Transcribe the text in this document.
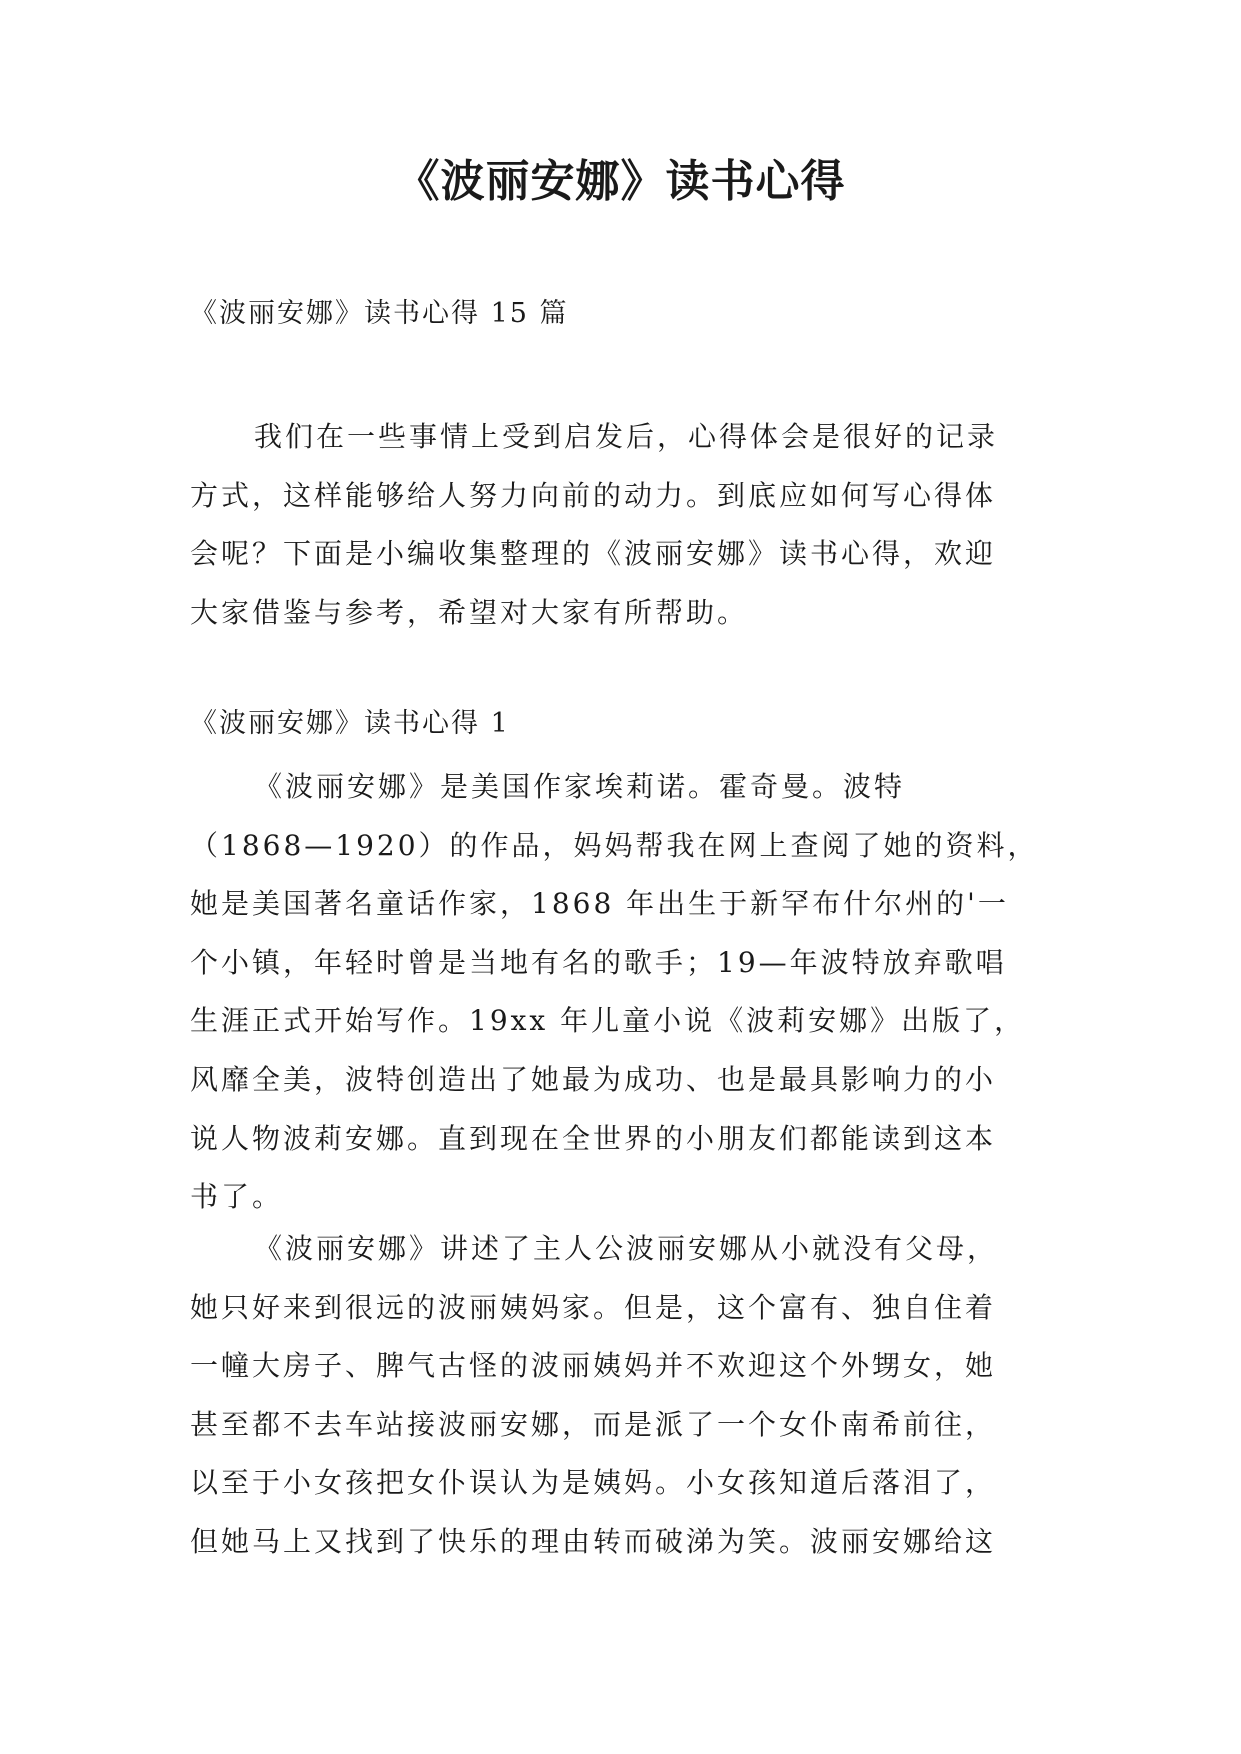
《波丽安娜》读书心得

《波丽安娜》读书心得 15 篇

我们在一些事情上受到启发后，心得体会是很好的记录
方式，这样能够给人努力向前的动力。到底应如何写心得体
会呢？下面是小编收集整理的《波丽安娜》读书心得，欢迎
大家借鉴与参考，希望对大家有所帮助。

《波丽安娜》读书心得 1

《波丽安娜》是美国作家埃莉诺。霍奇曼。波特
（1868—1920）的作品，妈妈帮我在网上查阅了她的资料，
她是美国著名童话作家，1868 年出生于新罕布什尔州的'一
个小镇，年轻时曾是当地有名的歌手；19—年波特放弃歌唱
生涯正式开始写作。19xx 年儿童小说《波莉安娜》出版了，
风靡全美，波特创造出了她最为成功、也是最具影响力的小
说人物波莉安娜。直到现在全世界的小朋友们都能读到这本
书了。
《波丽安娜》讲述了主人公波丽安娜从小就没有父母，
她只好来到很远的波丽姨妈家。但是，这个富有、独自住着
一幢大房子、脾气古怪的波丽姨妈并不欢迎这个外甥女，她
甚至都不去车站接波丽安娜，而是派了一个女仆南希前往，
以至于小女孩把女仆误认为是姨妈。小女孩知道后落泪了，
但她马上又找到了快乐的理由转而破涕为笑。波丽安娜给这
